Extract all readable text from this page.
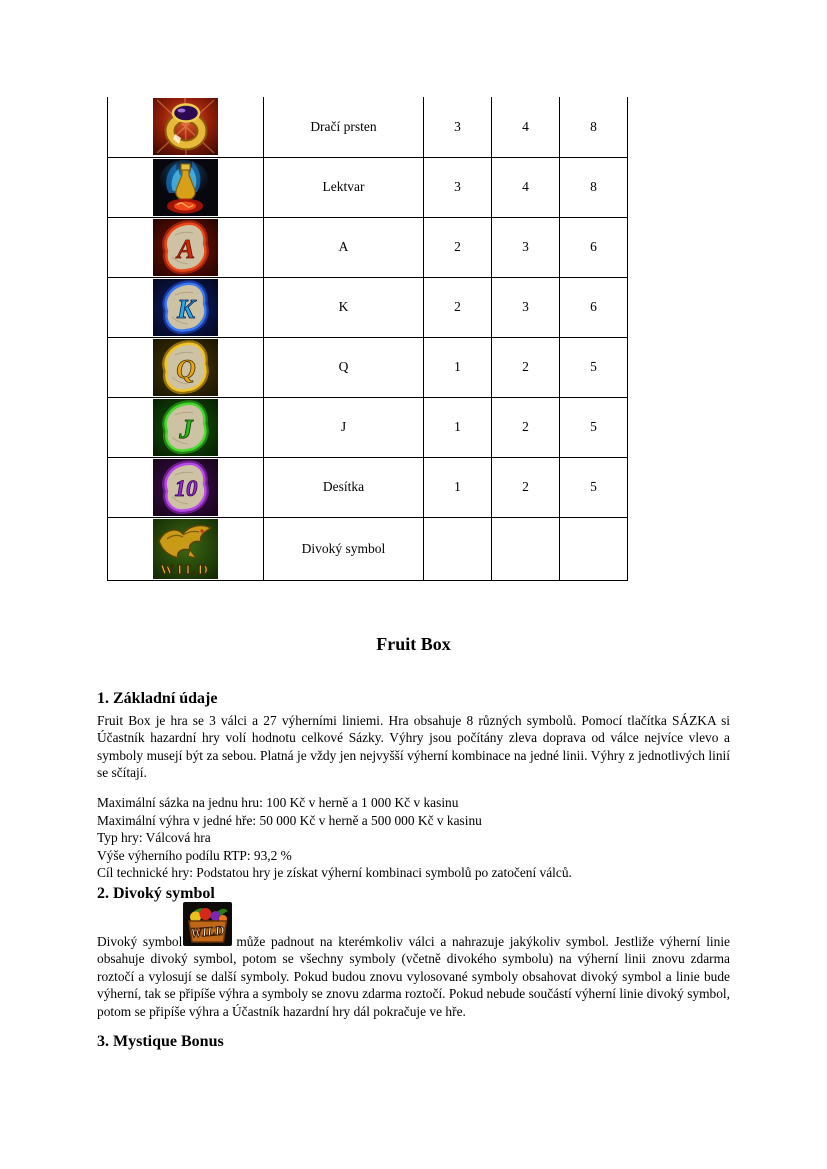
	Dračí prsten	3	4	8

	Lektvar	3	4	8

A	A	2	3	6

K	K	2	3	6

Q	Q	1	2	5

J	J	1	2	5

10	Desítka	1	2	5

WILD	Divoký symbol			
Fruit Box
1. Základní údaje

Fruit Box je hra se 3 válci a 27 výherními liniemi. Hra obsahuje 8 různých symbolů. Pomocí tlačítka SÁZKA si Účastník hazardní hry volí hodnotu celkové Sázky. Výhry jsou počítány zleva doprava od válce nejvíce vlevo a symboly musejí být za sebou. Platná je vždy jen nejvyšší výherní kombinace na jedné linii. Výhry z jednotlivých linií se sčítají.

Maximální sázka na jednu hru: 100 Kč v herně a 1 000 Kč v kasinu
Maximální výhra v jedné hře: 50 000 Kč v herně a 500 000 Kč v kasinu
Typ hry: Válcová hra
Výše výherního podílu RTP: 93,2 %
Cíl technické hry: Podstatou hry je získat výherní kombinaci symbolů po zatočení válců.
2. Divoký symbol

Divoký symbol
WILD
může padnout na kterémkoliv válci a nahrazuje jakýkoliv symbol. Jestliže výherní linie obsahuje divoký symbol, potom se všechny symboly (včetně divokého symbolu) na výherní linii znovu zdarma roztočí a vylosují se další symboly. Pokud budou znovu vylosované symboly obsahovat divoký symbol a linie bude výherní, tak se připíše výhra a symboly se znovu zdarma roztočí. Pokud nebude součástí výherní linie divoký symbol, potom se připíše výhra a Účastník hazardní hry dál pokračuje ve hře.

3. Mystique Bonus
